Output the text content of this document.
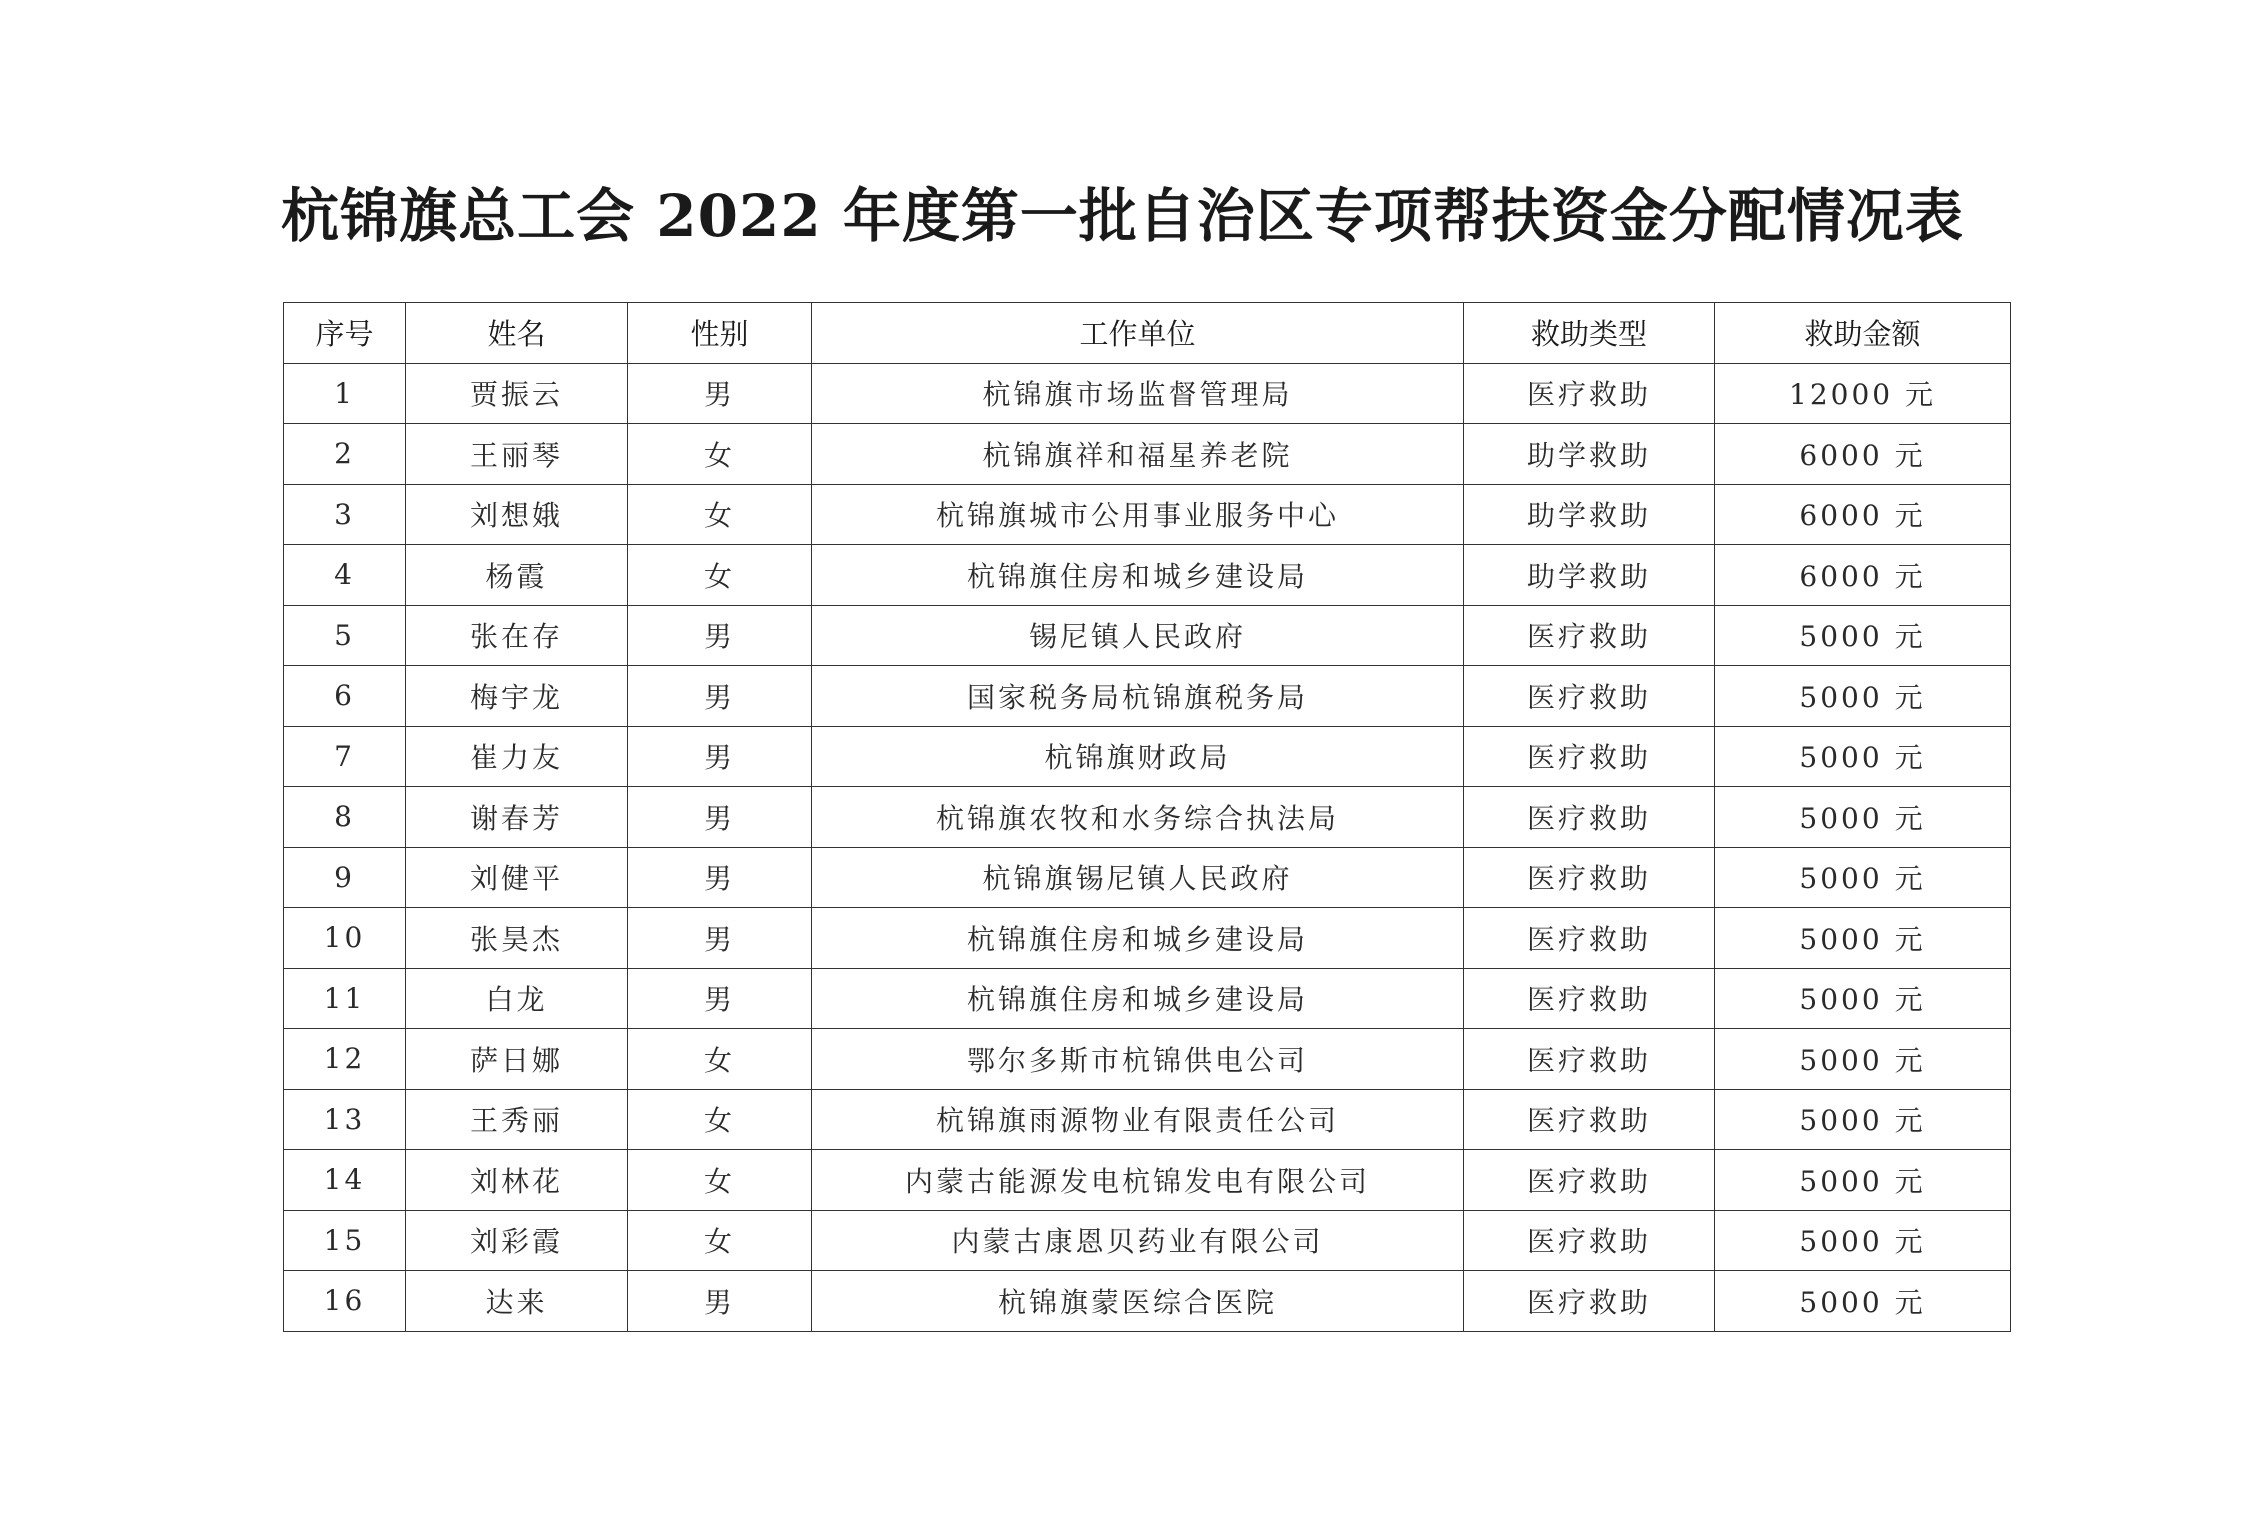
杭锦旗总工会 2022 年度第一批自治区专项帮扶资金分配情况表
序号	姓名	性别	工作单位	救助类型	救助金额
1	贾振云	男	杭锦旗市场监督管理局	医疗救助	12000 元
2	王丽琴	女	杭锦旗祥和福星养老院	助学救助	6000 元
3	刘想娥	女	杭锦旗城市公用事业服务中心	助学救助	6000 元
4	杨霞	女	杭锦旗住房和城乡建设局	助学救助	6000 元
5	张在存	男	锡尼镇人民政府	医疗救助	5000 元
6	梅宇龙	男	国家税务局杭锦旗税务局	医疗救助	5000 元
7	崔力友	男	杭锦旗财政局	医疗救助	5000 元
8	谢春芳	男	杭锦旗农牧和水务综合执法局	医疗救助	5000 元
9	刘健平	男	杭锦旗锡尼镇人民政府	医疗救助	5000 元
10	张昊杰	男	杭锦旗住房和城乡建设局	医疗救助	5000 元
11	白龙	男	杭锦旗住房和城乡建设局	医疗救助	5000 元
12	萨日娜	女	鄂尔多斯市杭锦供电公司	医疗救助	5000 元
13	王秀丽	女	杭锦旗雨源物业有限责任公司	医疗救助	5000 元
14	刘林花	女	内蒙古能源发电杭锦发电有限公司	医疗救助	5000 元
15	刘彩霞	女	内蒙古康恩贝药业有限公司	医疗救助	5000 元
16	达来	男	杭锦旗蒙医综合医院	医疗救助	5000 元
